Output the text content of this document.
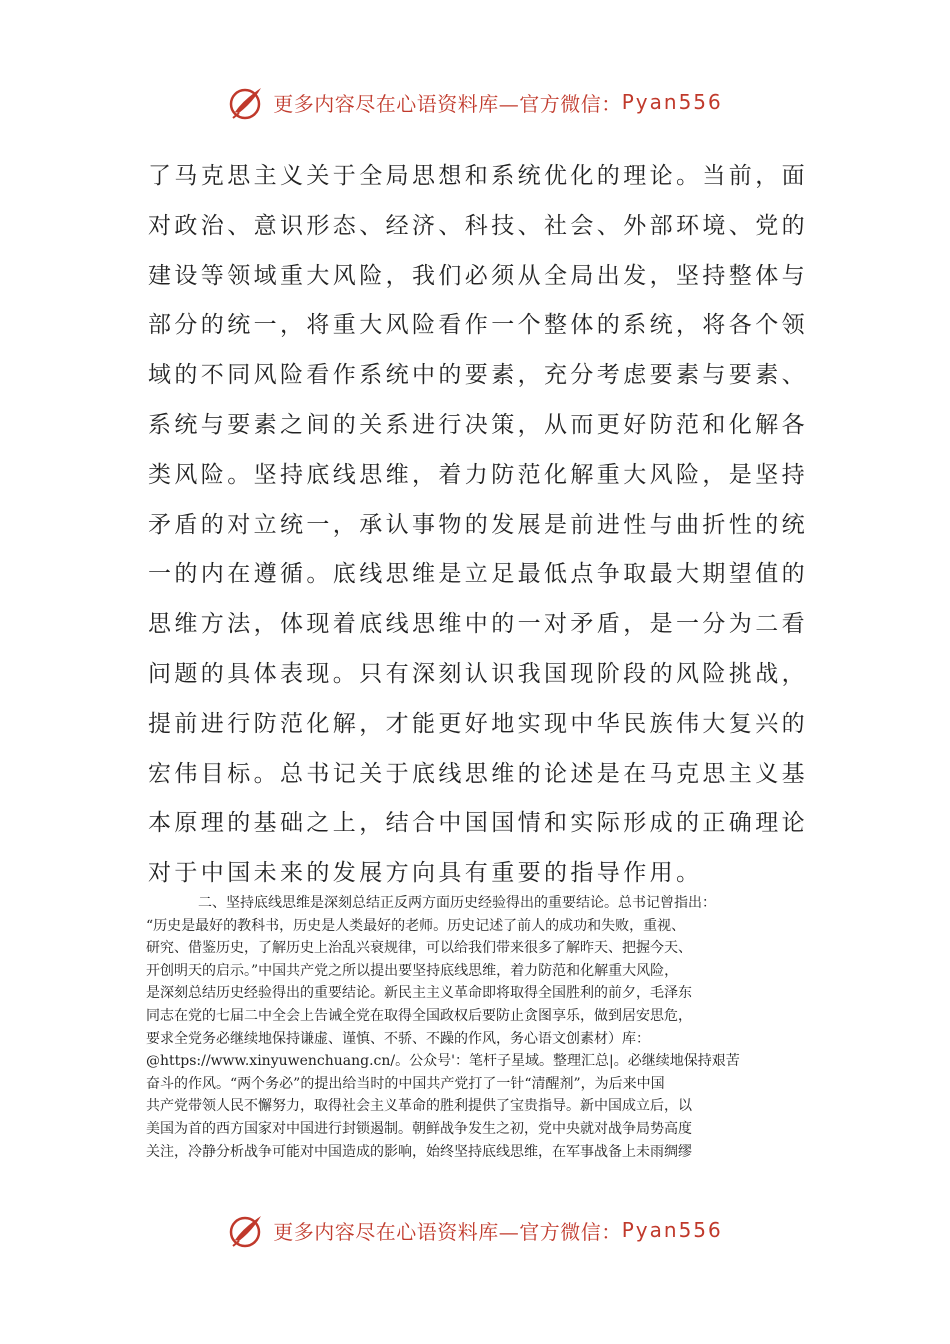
更多内容尽在心语资料库—官方微信： Pyan556
了马克思主义关于全局思想和系统优化的理论。当前，面
对政治、意识形态、经济、科技、社会、外部环境、党的
建设等领域重大风险，我们必须从全局出发，坚持整体与
部分的统一，将重大风险看作一个整体的系统，将各个领
域的不同风险看作系统中的要素，充分考虑要素与要素、
系统与要素之间的关系进行决策，从而更好防范和化解各
类风险。坚持底线思维，着力防范化解重大风险，是坚持
矛盾的对立统一，承认事物的发展是前进性与曲折性的统
一的内在遵循。底线思维是立足最低点争取最大期望值的
思维方法，体现着底线思维中的一对矛盾，是一分为二看
问题的具体表现。只有深刻认识我国现阶段的风险挑战，
提前进行防范化解，才能更好地实现中华民族伟大复兴的
宏伟目标。总书记关于底线思维的论述是在马克思主义基
本原理的基础之上，结合中国国情和实际形成的正确理论
对于中国未来的发展方向具有重要的指导作用。
二、坚持底线思维是深刻总结正反两方面历史经验得出的重要结论。总书记曾指出：
“历史是最好的教科书，历史是人类最好的老师。历史记述了前人的成功和失败，重视、
研究、借鉴历史，了解历史上治乱兴衰规律，可以给我们带来很多了解昨天、把握今天、
开创明天的启示。”中国共产党之所以提出要坚持底线思维，着力防范和化解重大风险，
是深刻总结历史经验得出的重要结论。新民主主义革命即将取得全国胜利的前夕，毛泽东
同志在党的七届二中全会上告诫全党在取得全国政权后要防止贪图享乐，做到居安思危，
要求全党务必继续地保持谦虚、谨慎、不骄、不躁的作风，务心语文创素材）库：
@https://www.xinyuwenchuang.cn/。公众号'：笔杆子星域。整理汇总|。必继续地保持艰苦
奋斗的作风。“两个务必”的提出给当时的中国共产党打了一针“清醒剂”，为后来中国
共产党带领人民不懈努力，取得社会主义革命的胜利提供了宝贵指导。新中国成立后，以
美国为首的西方国家对中国进行封锁遏制。朝鲜战争发生之初，党中央就对战争局势高度
关注，冷静分析战争可能对中国造成的影响，始终坚持底线思维，在军事战备上未雨绸缪
更多内容尽在心语资料库—官方微信： Pyan556
